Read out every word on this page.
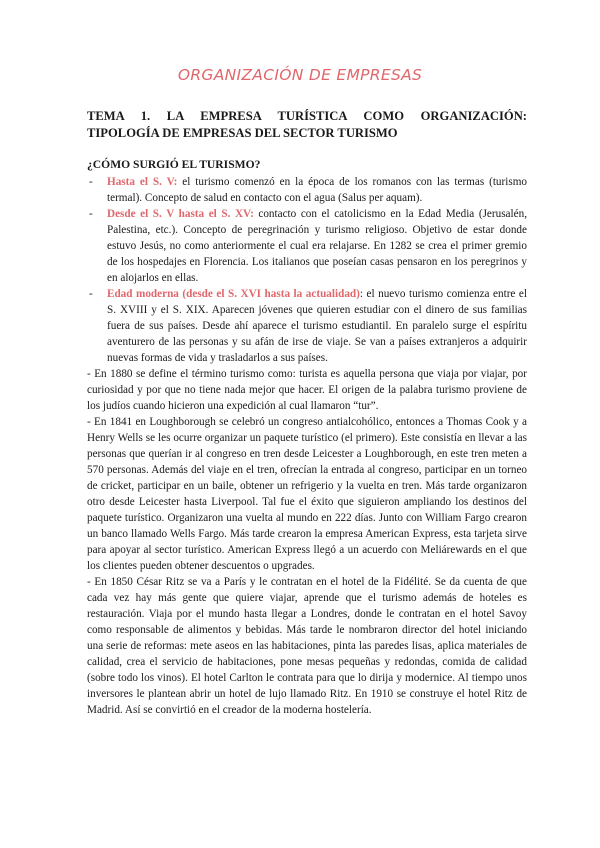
ORGANIZACIÓN DE EMPRESAS
TEMA 1. LA EMPRESA TURÍSTICA COMO ORGANIZACIÓN:
TIPOLOGÍA DE EMPRESAS DEL SECTOR TURISMO
¿CÓMO SURGIÓ EL TURISMO?
- Hasta el S. V: el turismo comenzó en la época de los romanos con las termas (turismo termal). Concepto de salud en contacto con el agua (Salus per aquam).
- Desde el S. V hasta el S. XV: contacto con el catolicismo en la Edad Media (Jerusalén, Palestina, etc.). Concepto de peregrinación y turismo religioso. Objetivo de estar donde estuvo Jesús, no como anteriormente el cual era relajarse. En 1282 se crea el primer gremio de los hospedajes en Florencia. Los italianos que poseían casas pensaron en los peregrinos y en alojarlos en ellas.
- Edad moderna (desde el S. XVI hasta la actualidad): el nuevo turismo comienza entre el S. XVIII y el S. XIX. Aparecen jóvenes que quieren estudiar con el dinero de sus familias fuera de sus países. Desde ahí aparece el turismo estudiantil. En paralelo surge el espíritu aventurero de las personas y su afán de irse de viaje. Se van a países extranjeros a adquirir nuevas formas de vida y trasladarlos a sus países.

- En 1880 se define el término turismo como: turista es aquella persona que viaja por viajar, por curiosidad y por que no tiene nada mejor que hacer. El origen de la palabra turismo proviene de los judíos cuando hicieron una expedición al cual llamaron “tur”.

- En 1841 en Loughborough se celebró un congreso antialcohólico, entonces a Thomas Cook y a Henry Wells se les ocurre organizar un paquete turístico (el primero). Este consistía en llevar a las personas que querían ir al congreso en tren desde Leicester a Loughborough, en este tren meten a 570 personas. Además del viaje en el tren, ofrecían la entrada al congreso, participar en un torneo de cricket, participar en un baile, obtener un refrigerio y la vuelta en tren. Más tarde organizaron otro desde Leicester hasta Liverpool. Tal fue el éxito que siguieron ampliando los destinos del paquete turístico. Organizaron una vuelta al mundo en 222 días. Junto con William Fargo crearon un banco llamado Wells Fargo. Más tarde crearon la empresa American Express, esta tarjeta sirve para apoyar al sector turístico. American Express llegó a un acuerdo con Meliárewards en el que los clientes pueden obtener descuentos o upgrades.

- En 1850 César Ritz se va a París y le contratan en el hotel de la Fidélité. Se da cuenta de que cada vez hay más gente que quiere viajar, aprende que el turismo además de hoteles es restauración. Viaja por el mundo hasta llegar a Londres, donde le contratan en el hotel Savoy como responsable de alimentos y bebidas. Más tarde le nombraron director del hotel iniciando una serie de reformas: mete aseos en las habitaciones, pinta las paredes lisas, aplica materiales de calidad, crea el servicio de habitaciones, pone mesas pequeñas y redondas, comida de calidad (sobre todo los vinos). El hotel Carlton le contrata para que lo dirija y modernice. Al tiempo unos inversores le plantean abrir un hotel de lujo llamado Ritz. En 1910 se construye el hotel Ritz de Madrid. Así se convirtió en el creador de la moderna hostelería.
